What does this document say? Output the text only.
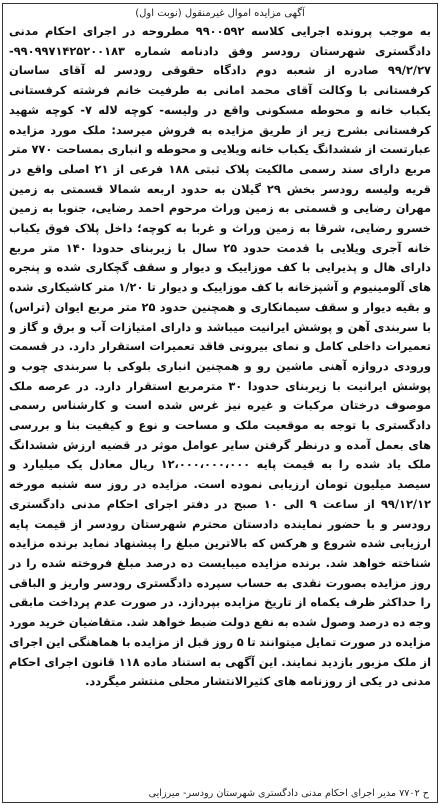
آگهی مزایده اموال غیرمنقول (نوبت اول)
به موجب پرونده اجرایی کلاسه ۹۹۰۰۵۹۲ مطروحه در اجرای احکام مدنی دادگستری شهرستان رودسر وفق دادنامه شماره ۹۹۰۹۹۷۱۴۲۵۲۰۰۱۸۳- ۹۹/۲/۲۷ صادره از شعبه دوم دادگاه حقوقی رودسر له آقای ساسان کرفستانی با وکالت آقای محمد امانی به طرفیت خانم فرشته کرفستانی یکباب خانه و محوطه مسکونی واقع در ولیسه- کوچه لاله ۷- کوچه شهید کرفستانی بشرح زیر از طریق مزایده به فروش میرسد: ملک مورد مزایده عبارتست از ششدانگ یکباب خانه ویلایی و محوطه و انباری بمساحت ۷۷۰ متر مربع دارای سند رسمی مالکیت پلاک ثبتی ۱۸۸ فرعی از ۲۱ اصلی واقع در قریه ولیسه رودسر بخش ۲۹ گیلان به حدود اربعه شمالا قسمتی به زمین مهران رضایی و قسمتی به زمین وراث مرحوم احمد رضایی، جنوبا به زمین خسرو رضایی، شرقا به زمین وراث و غربا به کوچه؛ داخل پلاک فوق یکباب خانه آجری ویلایی با قدمت حدود ۲۵ سال با زیربنای حدودا ۱۴۰ متر مربع دارای هال و پذیرایی با کف موزاییک و دیوار و سقف گچکاری شده و پنجره های آلومینیوم و آشپزخانه با کف موزاییک و دیوار تا ۱/۲۰ متر کاشیکاری شده و بقیه دیوار و سقف سیمانکاری و همچنین حدود ۲۵ متر مربع ایوان (تراس) با سربندی آهن و پوشش ایرانیت میباشد و دارای امتیازات آب و برق و گاز و تعمیرات داخلی کامل و نمای بیرونی فاقد تعمیرات استقرار دارد. در قسمت ورودی دروازه آهنی ماشین رو و همچنین انباری بلوکی با سربندی چوب و پوشش ایرانیت با زیربنای حدودا ۳۰ مترمربع استقرار دارد. در عرصه ملک موصوف درختان مرکبات و غیره نیز غرس شده است و کارشناس رسمی دادگستری با توجه به موقعیت ملک و مساحت و نوع و کیفیت بنا و بررسی های بعمل آمده و درنظر گرفتن سایر عوامل موثر در قضیه ارزش ششدانگ ملک یاد شده را به قیمت پایه ۱۲،۰۰۰،۰۰۰،۰۰۰ ریال معادل یک میلیارد و سیصد میلیون تومان ارزیابی نموده است. مزایده در روز سه شنبه مورخه ۹۹/۱۲/۱۲ از ساعت ۹ الی ۱۰ صبح در دفتر اجرای احکام مدنی دادگستری رودسر و با حضور نماینده دادستان محترم شهرستان رودسر از قیمت پایه ارزیابی شده شروع و هرکس که بالاترین مبلغ را پیشنهاد نماید برنده مزایده شناخته خواهد شد. برنده مزایده میبایست ده درصد مبلغ فروخته شده را در روز مزایده بصورت نقدی به حساب سپرده دادگستری رودسر واریز و الباقی را حداکثر ظرف یکماه از تاریخ مزایده بپردازد. در صورت عدم پرداخت مابقی وجه ده درصد وصول شده به نفع دولت ضبط خواهد شد. متقاضیان خرید مورد مزایده در صورت تمایل میتوانند تا ۵ روز قبل از مزایده با هماهنگی این اجرای از ملک مزبور بازدید نمایند. این آگهی به استناد ماده ۱۱۸ قانون اجرای احکام مدنی در یکی از روزنامه های کثیرالانتشار محلی منتشر میگردد.
ح ۷۷۰۲ مدیر اجرای احکام مدنی دادگستری شهرستان رودسر- میرزایی
